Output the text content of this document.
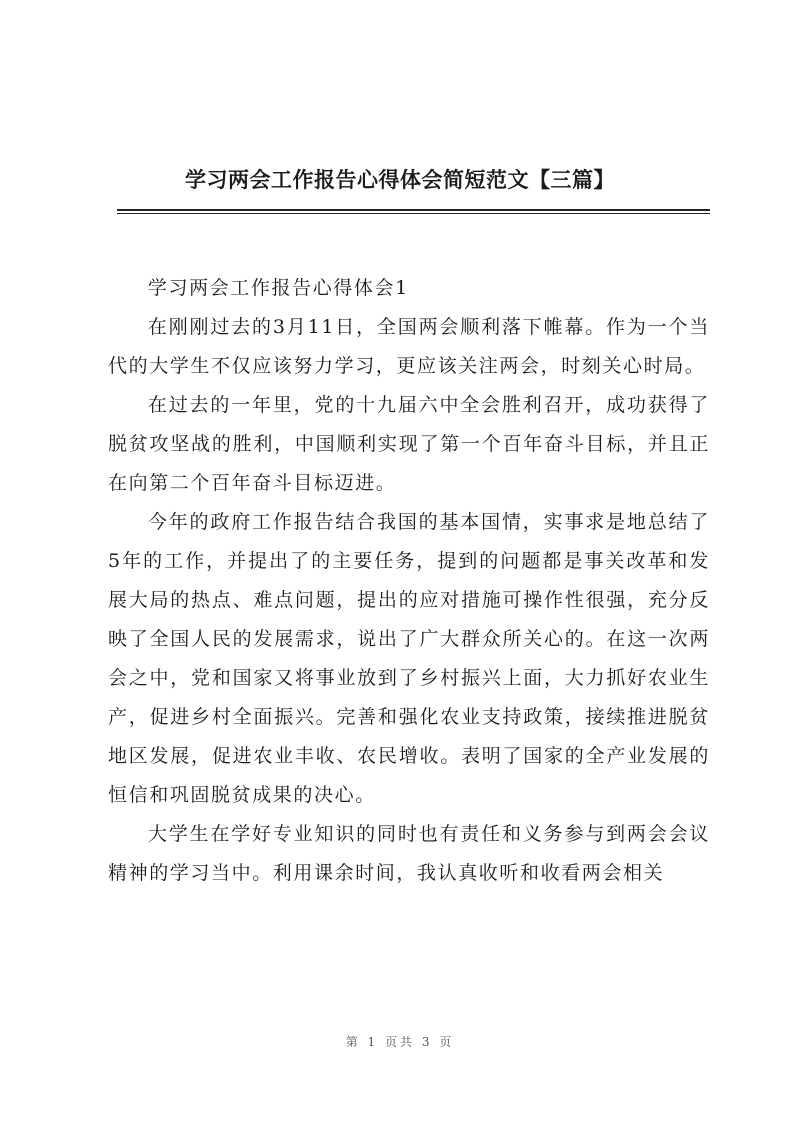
学习两会工作报告心得体会简短范文【三篇】

学习两会工作报告心得体会1

在刚刚过去的3月11日，全国两会顺利落下帷幕。作为一个当代的大学生不仅应该努力学习，更应该关注两会，时刻关心时局。

在过去的一年里，党的十九届六中全会胜利召开，成功获得了脱贫攻坚战的胜利，中国顺利实现了第一个百年奋斗目标，并且正在向第二个百年奋斗目标迈进。

今年的政府工作报告结合我国的基本国情，实事求是地总结了5年的工作，并提出了的主要任务，提到的问题都是事关改革和发展大局的热点、难点问题，提出的应对措施可操作性很强，充分反映了全国人民的发展需求，说出了广大群众所关心的。在这一次两会之中，党和国家又将事业放到了乡村振兴上面，大力抓好农业生产，促进乡村全面振兴。完善和强化农业支持政策，接续推进脱贫地区发展，促进农业丰收、农民增收。表明了国家的全产业发展的恒信和巩固脱贫成果的决心。

大学生在学好专业知识的同时也有责任和义务参与到两会会议精神的学习当中。利用课余时间，我认真收听和收看两会相关

第 1 页共 3 页
